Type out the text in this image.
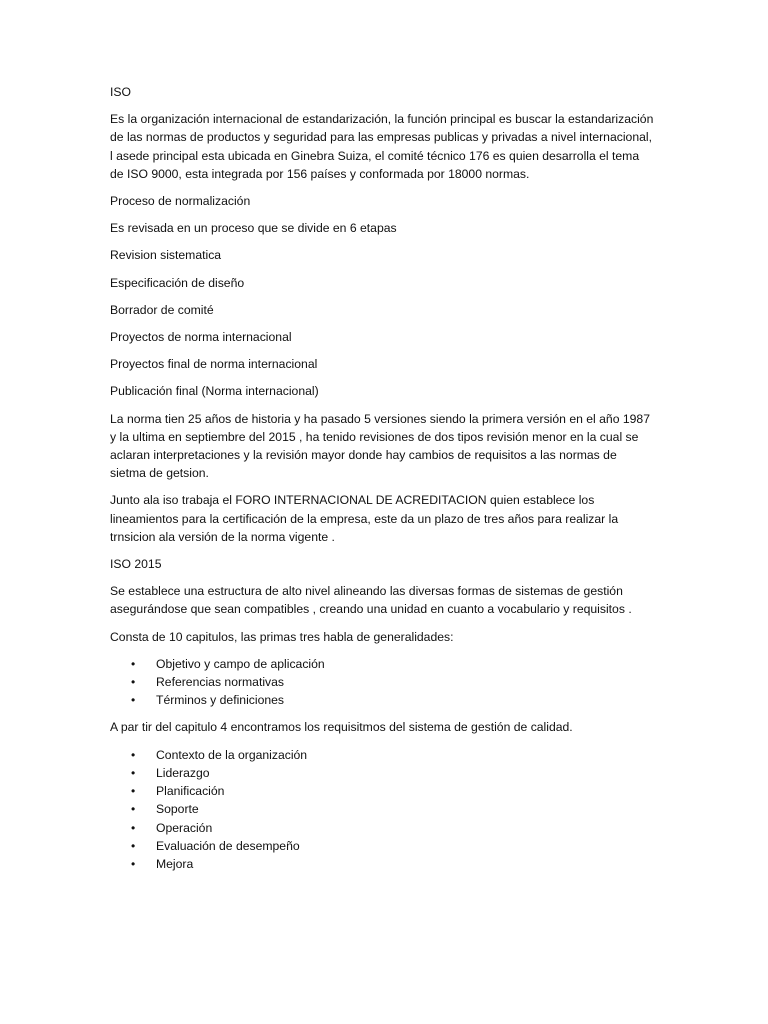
ISO

Es la organización internacional de estandarización, la función principal es buscar la estandarización de las normas de productos y seguridad para las empresas publicas y privadas a nivel internacional, l asede principal esta ubicada en Ginebra Suiza, el comité técnico 176 es quien desarrolla el tema de ISO 9000, esta integrada por 156 países y conformada por 18000 normas.

Proceso de normalización

Es revisada en un proceso que se divide en 6 etapas

Revision sistematica

Especificación de diseño

Borrador de comité

Proyectos de norma internacional

Proyectos final de norma internacional

Publicación final (Norma internacional)

La norma tien 25 años de historia y ha pasado 5 versiones siendo la primera versión en el año 1987 y la ultima en septiembre del 2015 , ha tenido revisiones de dos tipos revisión menor en la cual se aclaran interpretaciones y la revisión mayor donde hay cambios de requisitos a las normas de sietma de getsion.

Junto ala iso trabaja el FORO INTERNACIONAL DE ACREDITACION quien establece los lineamientos para la certificación de la empresa, este da un plazo de tres años para realizar la trnsicion ala versión de la norma vigente .

ISO 2015

Se establece una estructura de alto nivel alineando las diversas formas de sistemas de gestión asegurándose que sean compatibles , creando una unidad en cuanto a vocabulario y requisitos .

Consta de 10 capitulos, las primas tres habla de generalidades:

• Objetivo y campo de aplicación
• Referencias normativas
• Términos y definiciones

A par tir del capitulo 4 encontramos los requisitmos del sistema de gestión de calidad.

• Contexto de la organización
• Liderazgo
• Planificación
• Soporte
• Operación
• Evaluación de desempeño
• Mejora
